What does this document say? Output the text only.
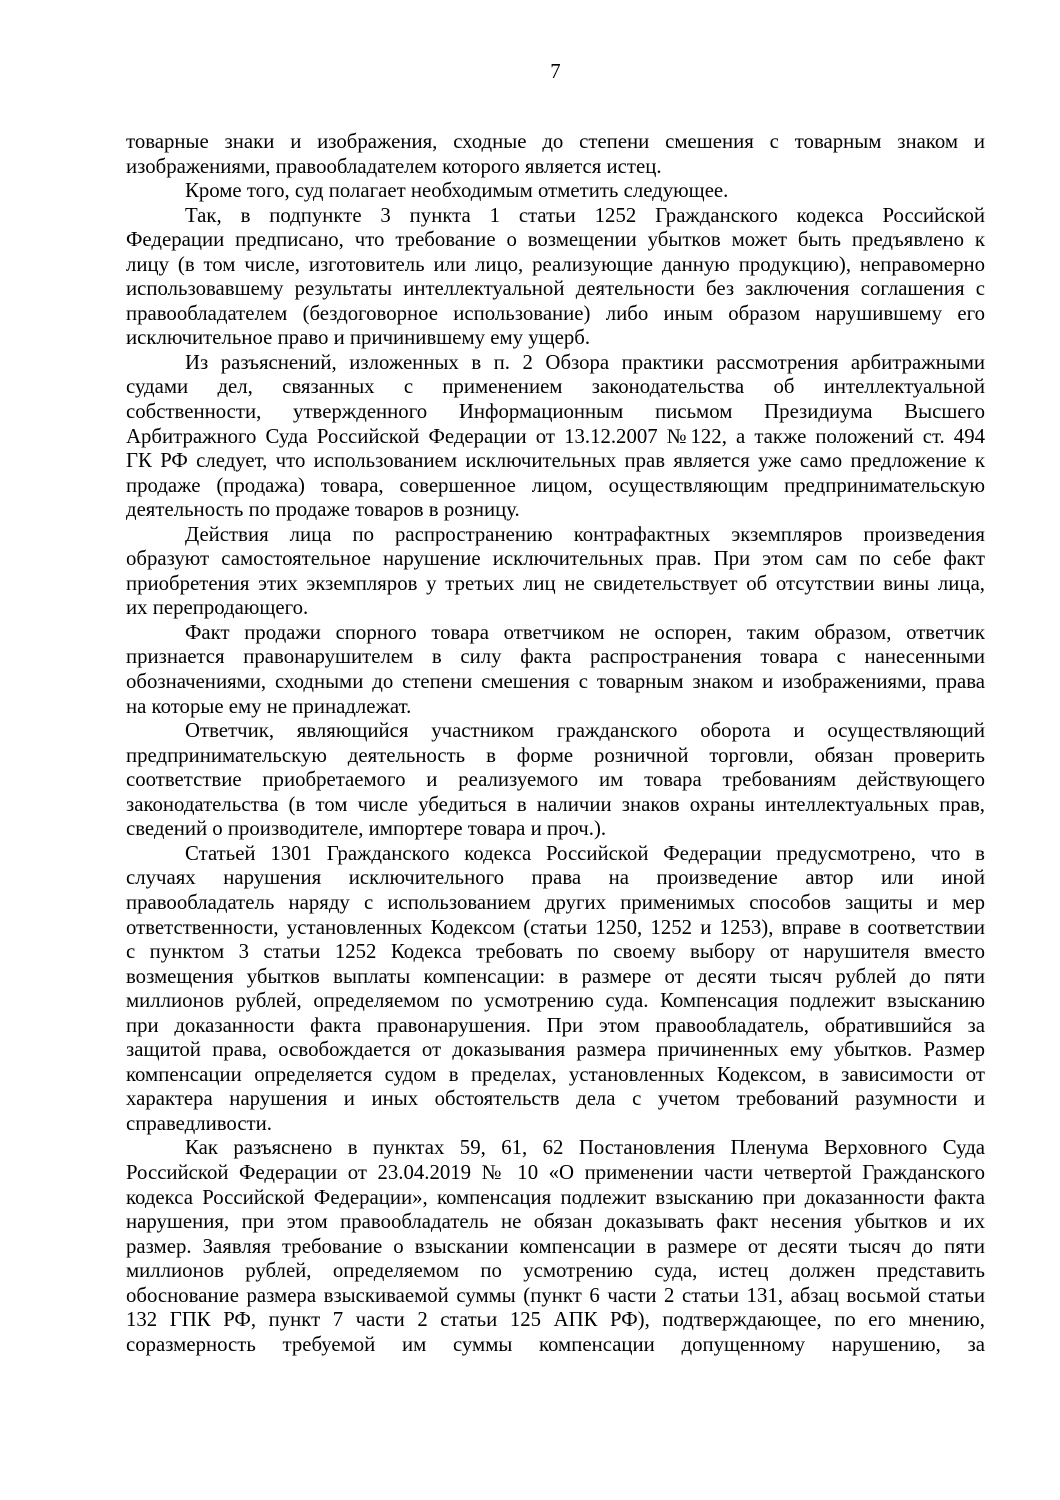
7
товарные знаки и изображения, сходные до степени смешения с товарным знаком и
изображениями, правообладателем которого является истец.
Кроме того, суд полагает необходимым отметить следующее.
Так, в подпункте 3 пункта 1 статьи 1252 Гражданского кодекса Российской
Федерации предписано, что требование о возмещении убытков может быть предъявлено к
лицу (в том числе, изготовитель или лицо, реализующие данную продукцию), неправомерно
использовавшему результаты интеллектуальной деятельности без заключения соглашения с
правообладателем (бездоговорное использование) либо иным образом нарушившему его
исключительное право и причинившему ему ущерб.
Из разъяснений, изложенных в п. 2 Обзора практики рассмотрения арбитражными
судами дел, связанных с применением законодательства об интеллектуальной
собственности, утвержденного Информационным письмом Президиума Высшего
Арбитражного Суда Российской Федерации от 13.12.2007 №122, а также положений ст. 494
ГК РФ следует, что использованием исключительных прав является уже само предложение к
продаже (продажа) товара, совершенное лицом, осуществляющим предпринимательскую
деятельность по продаже товаров в розницу.
Действия лица по распространению контрафактных экземпляров произведения
образуют самостоятельное нарушение исключительных прав. При этом сам по себе факт
приобретения этих экземпляров у третьих лиц не свидетельствует об отсутствии вины лица,
их перепродающего.
Факт продажи спорного товара ответчиком не оспорен, таким образом, ответчик
признается правонарушителем в силу факта распространения товара с нанесенными
обозначениями, сходными до степени смешения с товарным знаком и изображениями, права
на которые ему не принадлежат.
Ответчик, являющийся участником гражданского оборота и осуществляющий
предпринимательскую деятельность в форме розничной торговли, обязан проверить
соответствие приобретаемого и реализуемого им товара требованиям действующего
законодательства (в том числе убедиться в наличии знаков охраны интеллектуальных прав,
сведений о производителе, импортере товара и проч.).
Статьей 1301 Гражданского кодекса Российской Федерации предусмотрено, что в
случаях нарушения исключительного права на произведение автор или иной
правообладатель наряду с использованием других применимых способов защиты и мер
ответственности, установленных Кодексом (статьи 1250, 1252 и 1253), вправе в соответствии
с пунктом 3 статьи 1252 Кодекса требовать по своему выбору от нарушителя вместо
возмещения убытков выплаты компенсации: в размере от десяти тысяч рублей до пяти
миллионов рублей, определяемом по усмотрению суда. Компенсация подлежит взысканию
при доказанности факта правонарушения. При этом правообладатель, обратившийся за
защитой права, освобождается от доказывания размера причиненных ему убытков. Размер
компенсации определяется судом в пределах, установленных Кодексом, в зависимости от
характера нарушения и иных обстоятельств дела с учетом требований разумности и
справедливости.
Как разъяснено в пунктах 59, 61, 62 Постановления Пленума Верховного Суда
Российской Федерации от 23.04.2019 № 10 «О применении части четвертой Гражданского
кодекса Российской Федерации», компенсация подлежит взысканию при доказанности факта
нарушения, при этом правообладатель не обязан доказывать факт несения убытков и их
размер. Заявляя требование о взыскании компенсации в размере от десяти тысяч до пяти
миллионов рублей, определяемом по усмотрению суда, истец должен представить
обоснование размера взыскиваемой суммы (пункт 6 части 2 статьи 131, абзац восьмой статьи
132 ГПК РФ, пункт 7 части 2 статьи 125 АПК РФ), подтверждающее, по его мнению,
соразмерность требуемой им суммы компенсации допущенному нарушению, за
